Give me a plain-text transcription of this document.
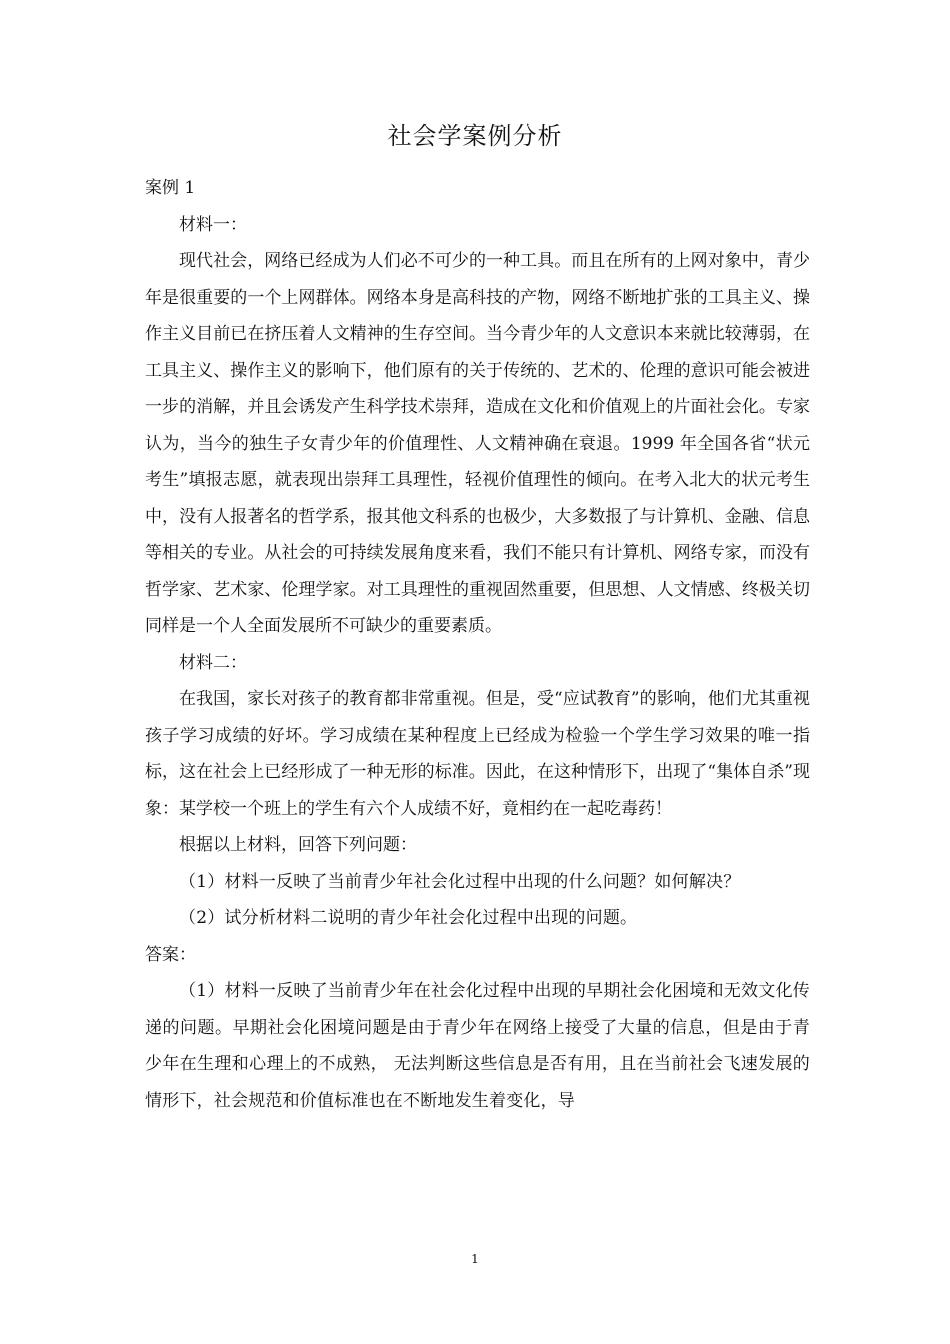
社会学案例分析

案例 1

材料一：

现代社会，网络已经成为人们必不可少的一种工具。而且在所有的上网对象中，青少年是很重要的一个上网群体。网络本身是高科技的产物，网络不断地扩张的工具主义、操作主义目前已在挤压着人文精神的生存空间。当今青少年的人文意识本来就比较薄弱，在工具主义、操作主义的影响下，他们原有的关于传统的、艺术的、伦理的意识可能会被进一步的消解，并且会诱发产生科学技术崇拜，造成在文化和价值观上的片面社会化。专家认为，当今的独生子女青少年的价值理性、人文精神确在衰退。1999 年全国各省“状元考生”填报志愿，就表现出崇拜工具理性，轻视价值理性的倾向。在考入北大的状元考生中，没有人报著名的哲学系，报其他文科系的也极少，大多数报了与计算机、金融、信息等相关的专业。从社会的可持续发展角度来看，我们不能只有计算机、网络专家，而没有哲学家、艺术家、伦理学家。对工具理性的重视固然重要，但思想、人文情感、终极关切同样是一个人全面发展所不可缺少的重要素质。

材料二：

在我国，家长对孩子的教育都非常重视。但是，受“应试教育”的影响，他们尤其重视孩子学习成绩的好坏。学习成绩在某种程度上已经成为检验一个学生学习效果的唯一指标，这在社会上已经形成了一种无形的标准。因此，在这种情形下，出现了“集体自杀”现象：某学校一个班上的学生有六个人成绩不好，竟相约在一起吃毒药！

根据以上材料，回答下列问题：

（1）材料一反映了当前青少年社会化过程中出现的什么问题？如何解决？

（2）试分析材料二说明的青少年社会化过程中出现的问题。

答案：

（1）材料一反映了当前青少年在社会化过程中出现的早期社会化困境和无效文化传递的问题。早期社会化困境问题是由于青少年在网络上接受了大量的信息，但是由于青少年在生理和心理上的不成熟， 无法判断这些信息是否有用，且在当前社会飞速发展的情形下，社会规范和价值标准也在不断地发生着变化，导

1
